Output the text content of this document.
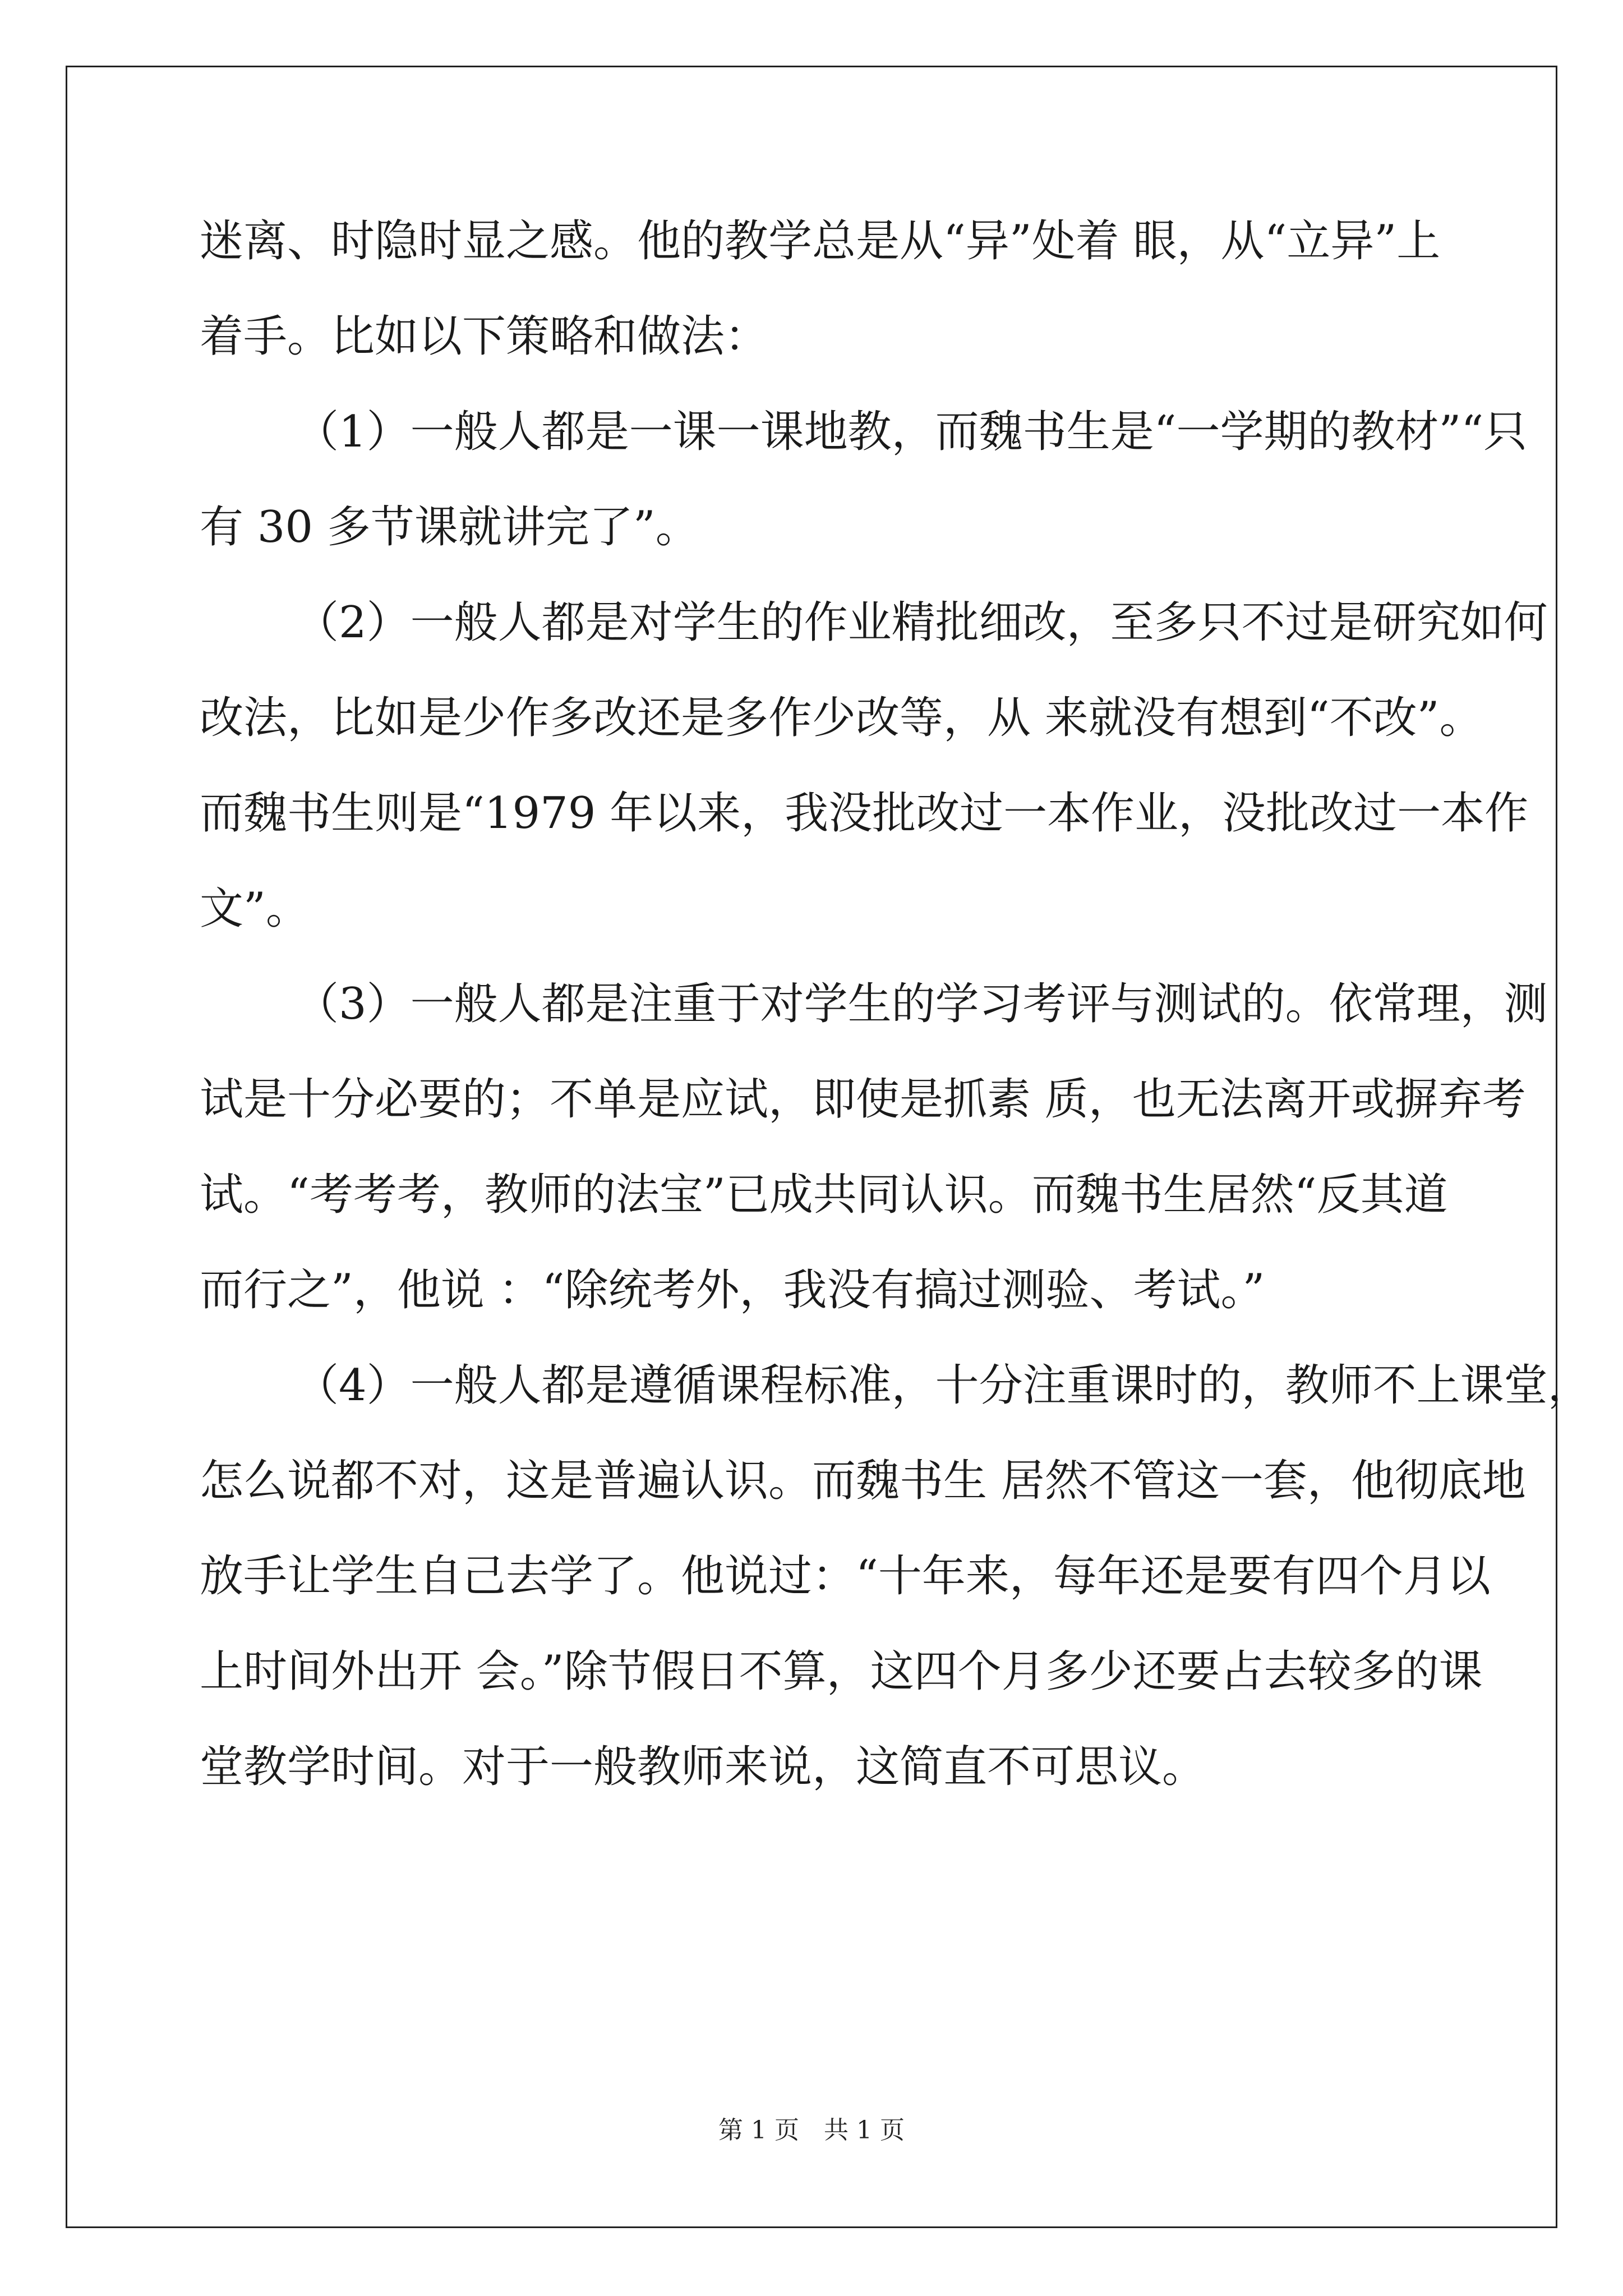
迷离、时隐时显之感。他的教学总是从“异”处着 眼，从“立异”上
着手。比如以下策略和做法：
（1）一般人都是一课一课地教，而魏书生是“一学期的教材”“只
有 30 多节课就讲完了”。
（2）一般人都是对学生的作业精批细改，至多只不过是研究如何
改法，比如是少作多改还是多作少改等，从 来就没有想到“不改”。
而魏书生则是“1979 年以来，我没批改过一本作业，没批改过一本作
文”。
（3）一般人都是注重于对学生的学习考评与测试的。依常理，测
试是十分必要的；不单是应试，即使是抓素 质，也无法离开或摒弃考
试。“考考考，教师的法宝”已成共同认识。而魏书生居然“反其道
而行之”，他说 ：“除统考外，我没有搞过测验、考试。”
（4）一般人都是遵循课程标准，十分注重课时的，教师不上课堂，
怎么说都不对，这是普遍认识。而魏书生 居然不管这一套，他彻底地
放手让学生自己去学了。他说过：“十年来，每年还是要有四个月以
上时间外出开 会。”除节假日不算，这四个月多少还要占去较多的课
堂教学时间。对于一般教师来说，这简直不可思议。
第 1 页　共 1 页
